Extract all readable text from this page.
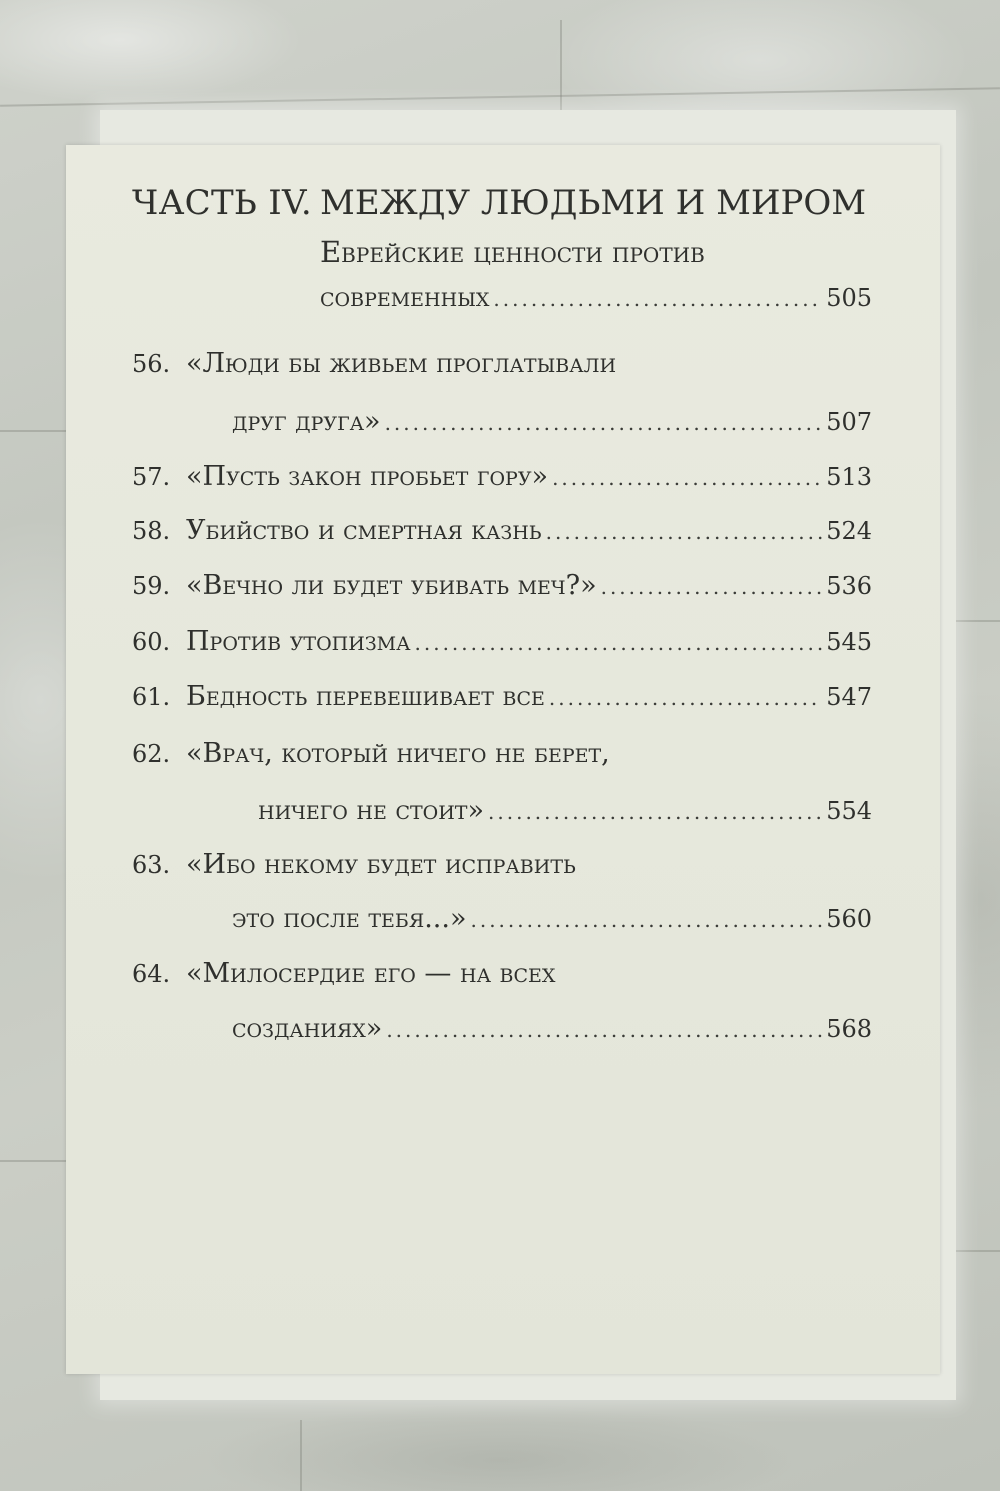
ЧАСТЬ IV. МЕЖДУ ЛЮДЬМИ И МИРОМ
Еврейские ценности против
современных .....	505
56. «Люди бы живьем проглатывали
друг друга» .....	507
57. «Пусть закон пробьет гору» .....	513
58. Убийство и смертная казнь .....	524
59. «Вечно ли будет убивать меч?» .....	536
60. Против утопизма .....	545
61. Бедность перевешивает все .....	547
62. «Врач, который ничего не берет,
ничего не стоит» .....	554
63. «Ибо некому будет исправить
это после тебя...» .....	560
64. «Милосердие его — на всех
созданиях» .....	568
